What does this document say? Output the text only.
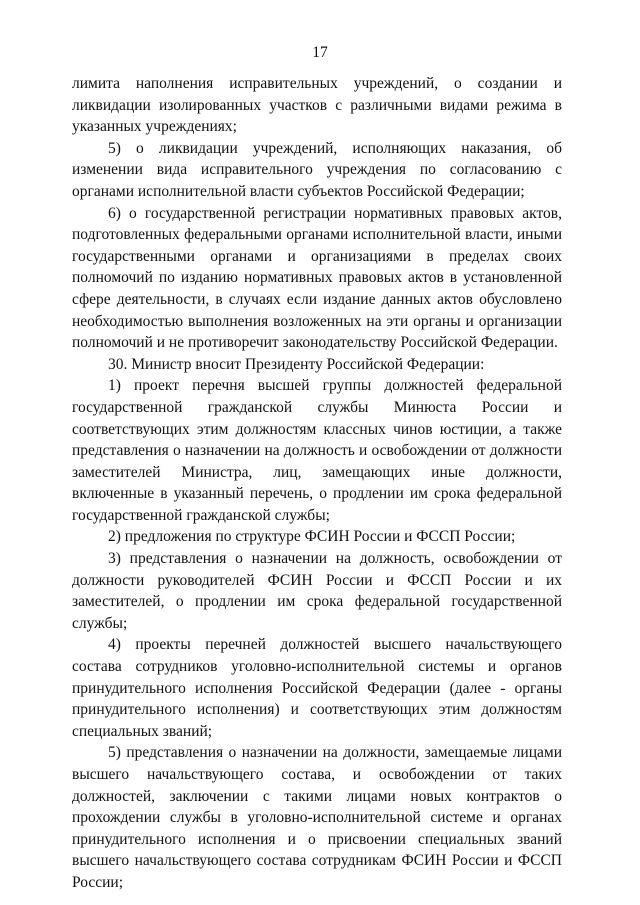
17

лимита наполнения исправительных учреждений, о создании и ликвидации изолированных участков с различными видами режима в указанных учреждениях;

5) о ликвидации учреждений, исполняющих наказания, об изменении вида исправительного учреждения по согласованию с органами исполнительной власти субъектов Российской Федерации;

6) о государственной регистрации нормативных правовых актов, подготовленных федеральными органами исполнительной власти, иными государственными органами и организациями в пределах своих полномочий по изданию нормативных правовых актов в установленной сфере деятельности, в случаях если издание данных актов обусловлено необходимостью выполнения возложенных на эти органы и организации полномочий и не противоречит законодательству Российской Федерации.

30. Министр вносит Президенту Российской Федерации:

1) проект перечня высшей группы должностей федеральной государственной гражданской службы Минюста России и соответствующих этим должностям классных чинов юстиции, а также представления о назначении на должность и освобождении от должности заместителей Министра, лиц, замещающих иные должности, включенные в указанный перечень, о продлении им срока федеральной государственной гражданской службы;

2) предложения по структуре ФСИН России и ФССП России;

3) представления о назначении на должность, освобождении от должности руководителей ФСИН России и ФССП России и их заместителей, о продлении им срока федеральной государственной службы;

4) проекты перечней должностей высшего начальствующего состава сотрудников уголовно-исполнительной системы и органов принудительного исполнения Российской Федерации (далее - органы принудительного исполнения) и соответствующих этим должностям специальных званий;

5) представления о назначении на должности, замещаемые лицами высшего начальствующего состава, и освобождении от таких должностей, заключении с такими лицами новых контрактов о прохождении службы в уголовно-исполнительной системе и органах принудительного исполнения и о присвоении специальных званий высшего начальствующего состава сотрудникам ФСИН России и ФССП России;
